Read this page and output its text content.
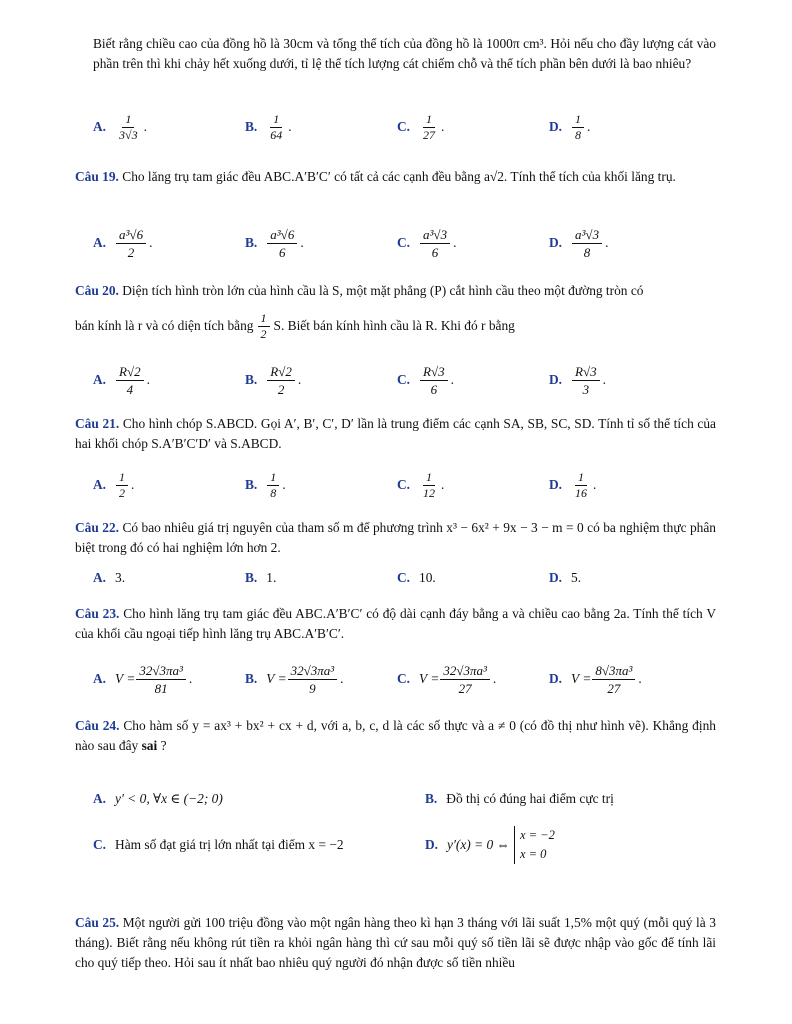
Biết rằng chiều cao của đồng hồ là 30cm và tổng thể tích của đồng hồ là 1000π cm³. Hỏi nếu cho đầy lượng cát vào phần trên thì khi chảy hết xuống dưới, tỉ lệ thể tích lượng cát chiếm chỗ và thể tích phần bên dưới là bao nhiêu?
A. $\frac{1}{3√3}$ .	B. $\frac{1}{64}$ .	C. $\frac{1}{27}$ .	D. $\frac{1}{8}$ .
Câu 19. Cho lăng trụ tam giác đều ABC.A′B′C′ có tất cả các cạnh đều bằng a√2. Tính thể tích của khối lăng trụ.
A. $\frac{\text{a³√6}}{2}$ .	B. $\frac{\text{a³√6}}{6}$ .	C. $\frac{\text{a³√3}}{6}$ .	D. $\frac{\text{a³√3}}{8}$ .
Câu 20. Diện tích hình tròn lớn của hình cầu là S, một mặt phẳng (P) cắt hình cầu theo một đường tròn có
bán kính là r và có diện tích bằng $\frac{1}{2} S$. Biết bán kính hình cầu là R. Khi đó r bằng
A. $\frac{R√2}{4}$ .	B. $\frac{R√2}{2}$ .	C. $\frac{R√3}{6}$ .	D. $\frac{R√3}{3}$ .
Câu 21. Cho hình chóp S.ABCD. Gọi A′, B′, C′, D′ lần là trung điểm các cạnh SA, SB, SC, SD. Tính tỉ số thể tích của hai khối chóp S.A′B′C′D′ và S.ABCD.
A. $\frac{1}{2}$ .	B. $\frac{1}{8}$ .	C. $\frac{1}{12}$ .	D. $\frac{1}{16}$ .
Câu 22. Có bao nhiêu giá trị nguyên của tham số m để phương trình x³ − 6x² + 9x − 3 − m = 0 có ba nghiệm thực phân biệt trong đó có hai nghiệm lớn hơn 2.
A. 3.	B. 1.	C. 10.	D. 5.
Câu 23. Cho hình lăng trụ tam giác đều ABC.A′B′C′ có độ dài cạnh đáy bằng a và chiều cao bằng 2a. Tính thể tích V của khối cầu ngoại tiếp hình lăng trụ ABC.A′B′C′.
A. $V = \frac{\text{32√3πa³}}{81}$ .	B. $V = \frac{\text{32√3πa³}}{9}$ .	C. $V = \frac{\text{32√3πa³}}{27}$ .	D. $V = \frac{\text{8√3πa³}}{27}$ .
Câu 24. Cho hàm số y = ax³ + bx² + cx + d, với a, b, c, d là các số thực và a ≠ 0 (có đồ thị như hình vẽ). Khẳng định nào sau đây sai ?
A. y′ < 0, ∀x ∈ (−2; 0)	B. Đồ thị có đúng hai điểm cực trị
C. Hàm số đạt giá trị lớn nhất tại điểm x = −2	D. y′(x) = 0 ⇔
x = −2
x = 0
Câu 25. Một người gửi 100 triệu đồng vào một ngân hàng theo kì hạn 3 tháng với lãi suất 1,5% một quý (mỗi quý là 3 tháng). Biết rằng nếu không rút tiền ra khỏi ngân hàng thì cứ sau mỗi quý số tiền lãi sẽ được nhập vào gốc để tính lãi cho quý tiếp theo. Hỏi sau ít nhất bao nhiêu quý người đó nhận được số tiền nhiều
